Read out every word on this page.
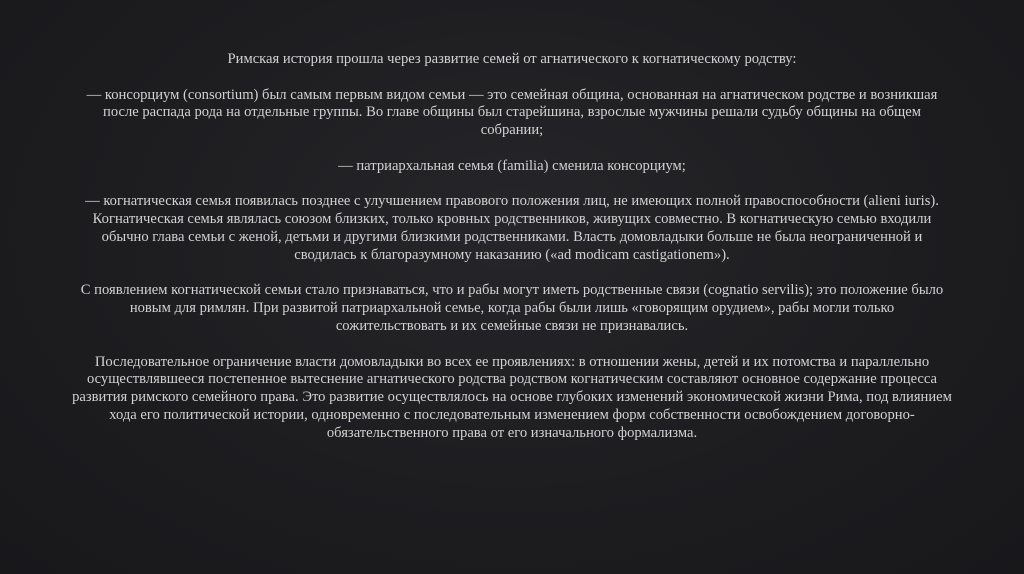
Римская история прошла через развитие семей от агнатического к когнатическому родству:

— консорциум (consortium) был самым первым видом семьи — это семейная община, основанная на агнатическом родстве и возникшая
после распада рода на отдельные группы. Во главе общины был старейшина, взрослые мужчины решали судьбу общины на общем
собрании;

— патриархальная семья (familia) сменила консорциум;

— когнатическая семья появилась позднее с улучшением правового положения лиц, не имеющих полной правоспособности (alieni iuris).
Когнатическая семья являлась союзом близких, только кровных родственников, живущих совместно. В когнатическую семью входили
обычно глава семьи с женой, детьми и другими близкими родственниками. Власть домовладыки больше не была неограниченной и
сводилась к благоразумному наказанию («ad modicam castigationem»).

С появлением когнатической семьи стало признаваться, что и рабы могут иметь родственные связи (cognatio servilis); это положение было
новым для римлян. При развитой патриархальной семье, когда рабы были лишь «говорящим орудием», рабы могли только
сожительствовать и их семейные связи не признавались.

Последовательное ограничение власти домовладыки во всех ее проявлениях: в отношении жены, детей и их потомства и параллельно
осуществлявшееся постепенное вытеснение агнатического родства родством когнатическим составляют основное содержание процесса
развития римского семейного права. Это развитие осуществлялось на основе глубоких изменений экономической жизни Рима, под влиянием
хода его политической истории, одновременно с последовательным изменением форм собственности освобождением договорно-
обязательственного права от его изначального формализма.
